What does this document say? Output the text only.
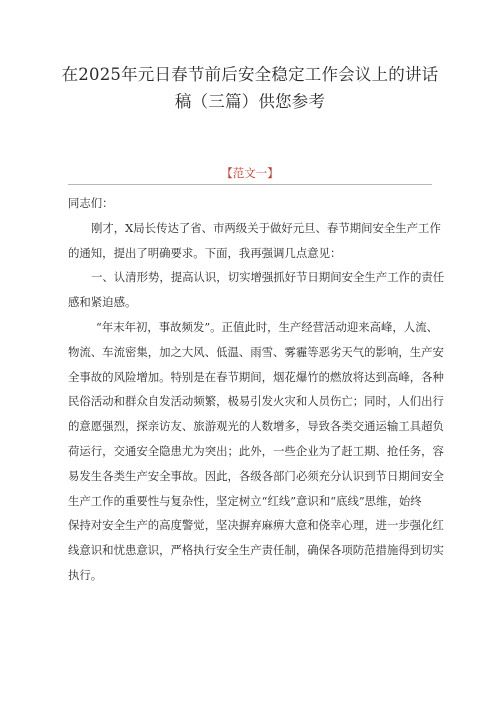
在2025年元日春节前后安全稳定工作会议上的讲话
稿（三篇）供您参考
【范文一】
同志们：
刚才，X局长传达了省、市两级关于做好元旦、春节期间安全生产工作
的通知，提出了明确要求。下面，我再强调几点意见：
一、认清形势，提高认识，切实增强抓好节日期间安全生产工作的责任
感和紧迫感。
“年末年初，事故频发”。正值此时，生产经营活动迎来高峰，人流、
物流、车流密集，加之大风、低温、雨雪、雾霾等恶劣天气的影响，生产安
全事故的风险增加。特别是在春节期间，烟花爆竹的燃放将达到高峰，各种
民俗活动和群众自发活动频繁，极易引发火灾和人员伤亡；同时，人们出行
的意愿强烈，探亲访友、旅游观光的人数增多，导致各类交通运输工具超负
荷运行，交通安全隐患尤为突出；此外，一些企业为了赶工期、抢任务，容
易发生各类生产安全事故。因此，各级各部门必须充分认识到节日期间安全
生产工作的重要性与复杂性，坚定树立“红线”意识和“底线”思维，始终
保持对安全生产的高度警觉，坚决摒弃麻痹大意和侥幸心理，进一步强化红
线意识和忧患意识，严格执行安全生产责任制，确保各项防范措施得到切实
执行。
